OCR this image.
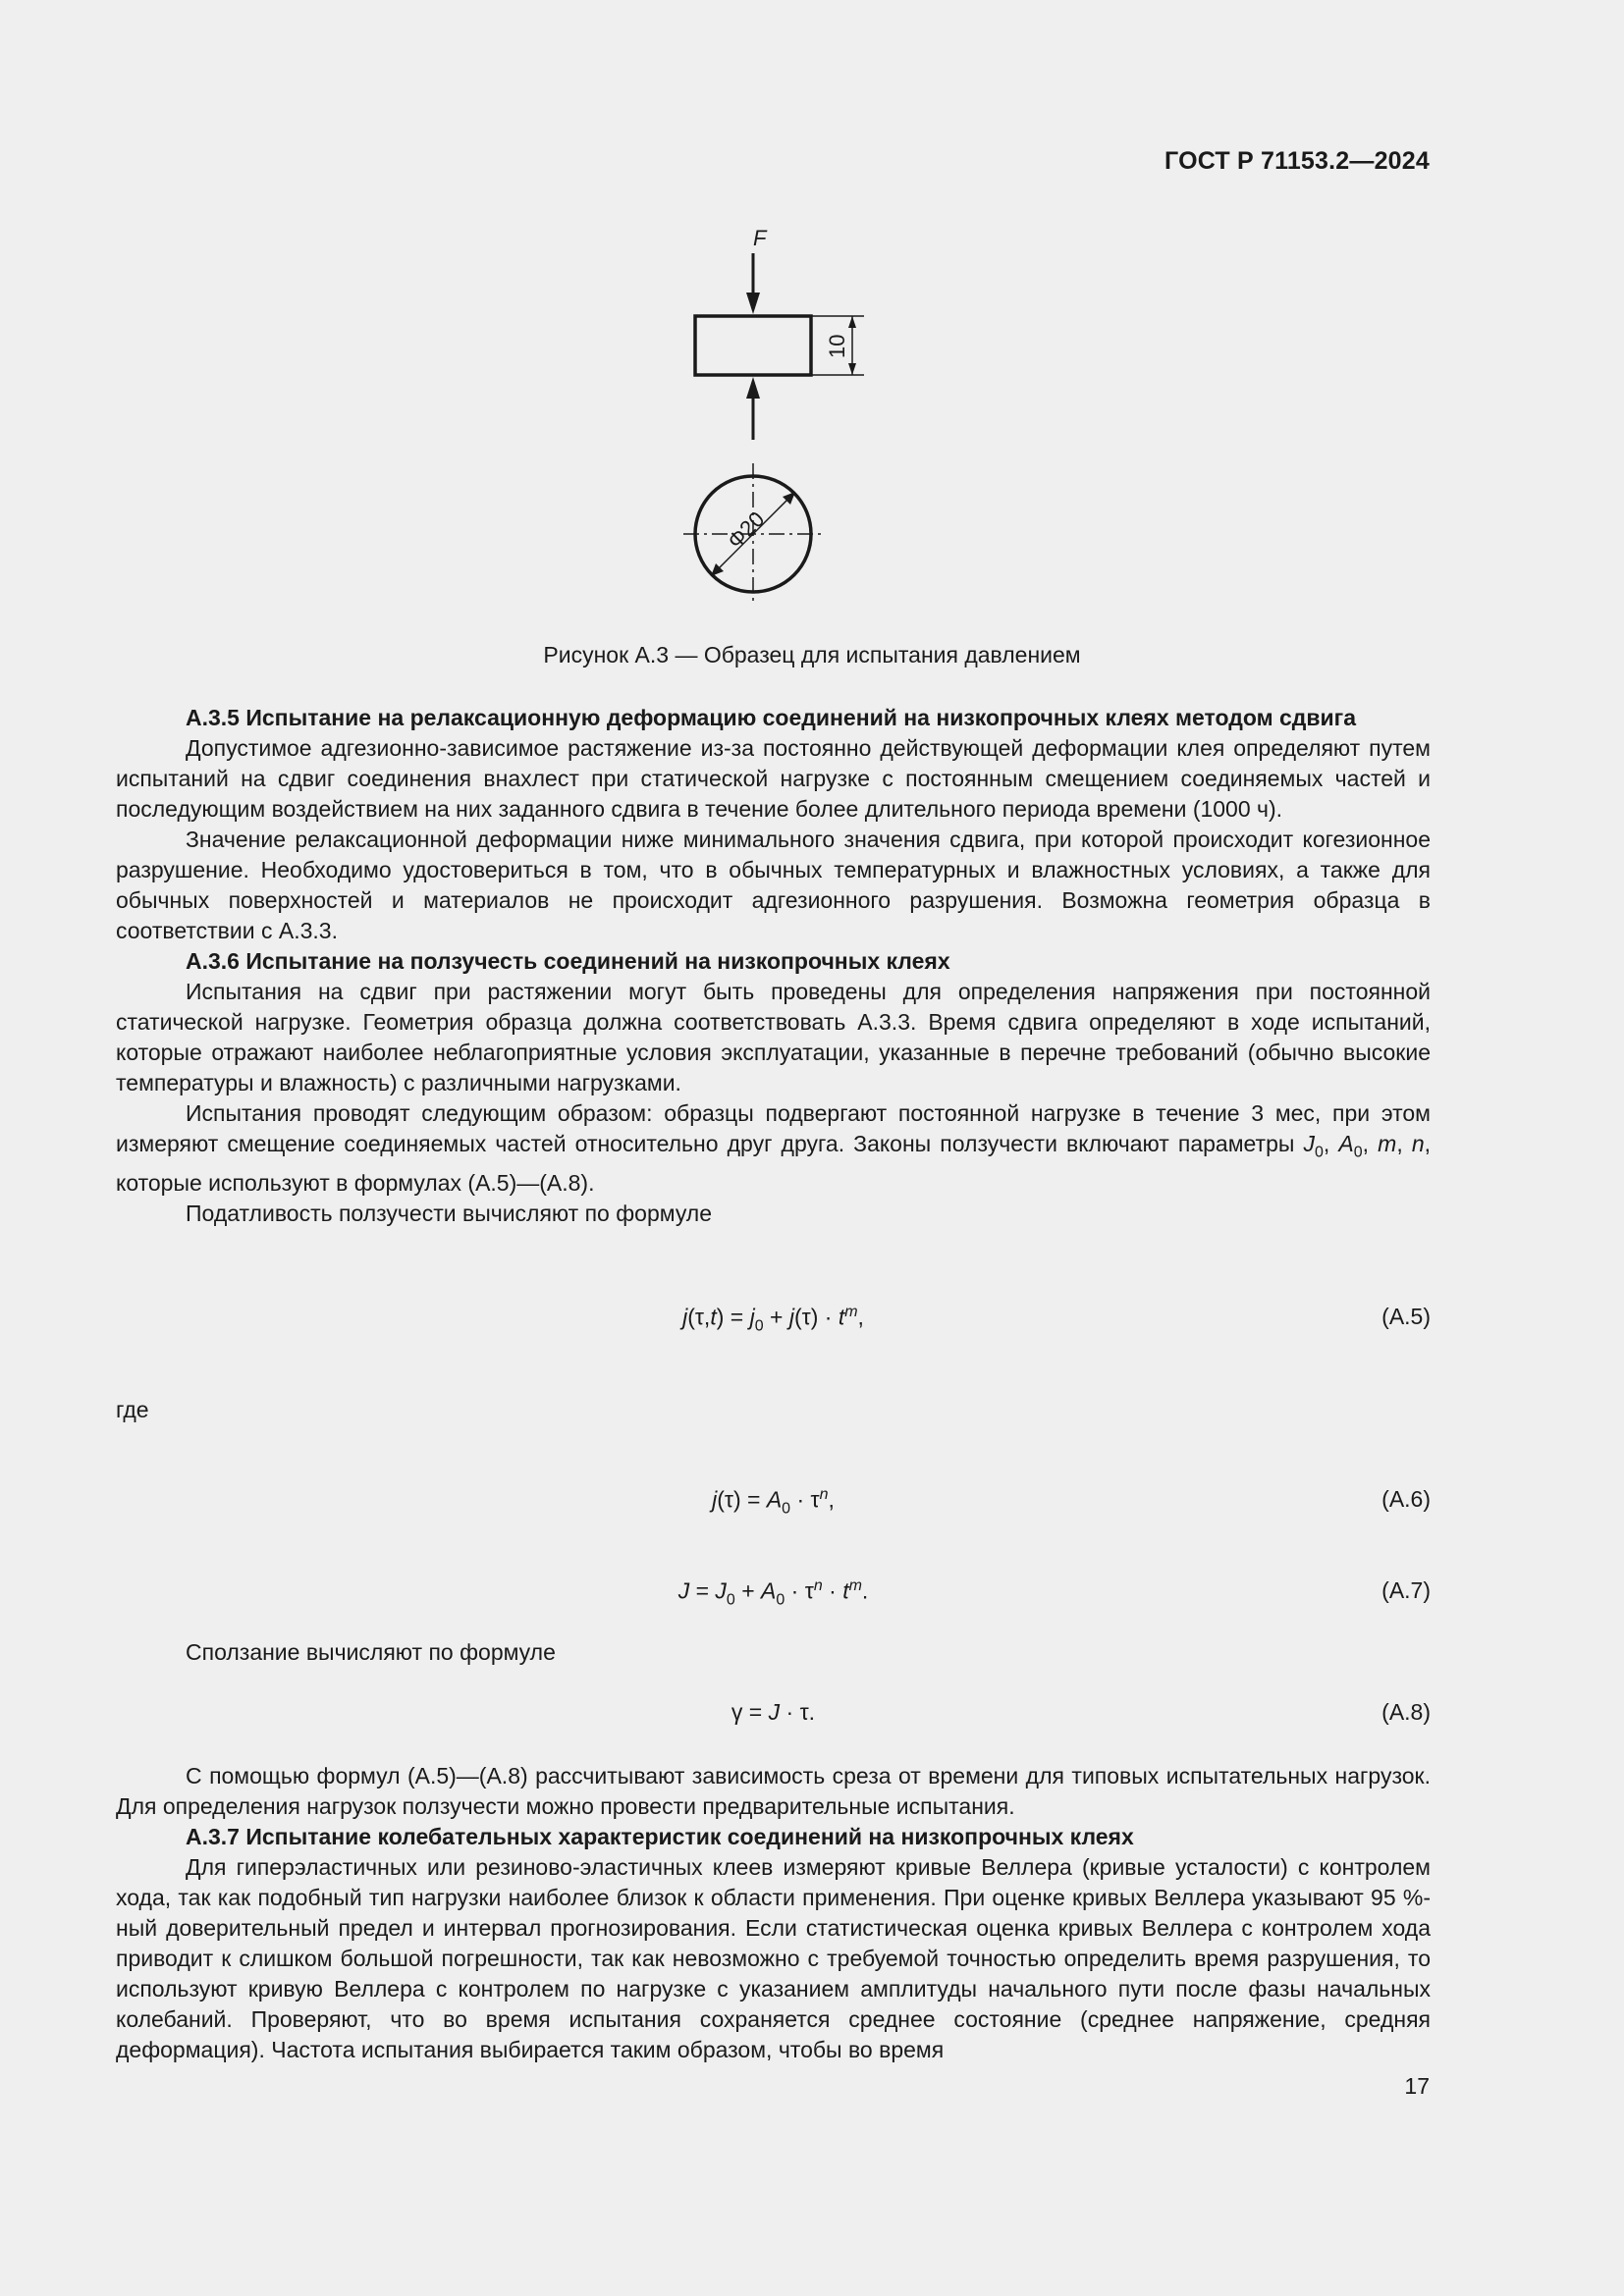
ГОСТ Р 71153.2—2024
F
10
Φ20
Рисунок А.3 — Образец для испытания давлением

А.3.5 Испытание на релаксационную деформацию соединений на низкопрочных клеях методом сдвига

Допустимое адгезионно-зависимое растяжение из-за постоянно действующей деформации клея определяют путем испытаний на сдвиг соединения внахлест при статической нагрузке с постоянным смещением соединяемых частей и последующим воздействием на них заданного сдвига в течение более длительного периода времени (1000 ч).

Значение релаксационной деформации ниже минимального значения сдвига, при которой происходит когезионное разрушение. Необходимо удостовериться в том, что в обычных температурных и влажностных условиях, а также для обычных поверхностей и материалов не происходит адгезионного разрушения. Возможна геометрия образца в соответствии с А.3.3.

А.3.6 Испытание на ползучесть соединений на низкопрочных клеях

Испытания на сдвиг при растяжении могут быть проведены для определения напряжения при постоянной статической нагрузке. Геометрия образца должна соответствовать А.3.3. Время сдвига определяют в ходе испытаний, которые отражают наиболее неблагоприятные условия эксплуатации, указанные в перечне требований (обычно высокие температуры и влажность) с различными нагрузками.

Испытания проводят следующим образом: образцы подвергают постоянной нагрузке в течение 3 мес, при этом измеряют смещение соединяемых частей относительно друг друга. Законы ползучести включают параметры $J_0$, $A_0$, m, n, которые используют в формулах (А.5)—(А.8).

Податливость ползучести вычисляют по формуле

$j(\tau,t) = j_0 + j(\tau) \cdot t^m$,	(А.5)
где
$j(\tau) = A_0 \cdot \tau^n$,	(А.6)
$J = J_0 + A_0 \cdot \tau^n \cdot t^m$.	(А.7)
Сползание вычисляют по формуле
γ = J · τ.	(А.8)

С помощью формул (А.5)—(А.8) рассчитывают зависимость среза от времени для типовых испытательных нагрузок. Для определения нагрузок ползучести можно провести предварительные испытания.

А.3.7 Испытание колебательных характеристик соединений на низкопрочных клеях

Для гиперэластичных или резиново-эластичных клеев измеряют кривые Веллера (кривые усталости) с контролем хода, так как подобный тип нагрузки наиболее близок к области применения. При оценке кривых Веллера указывают 95 %-ный доверительный предел и интервал прогнозирования. Если статистическая оценка кривых Веллера с контролем хода приводит к слишком большой погрешности, так как невозможно с требуемой точностью определить время разрушения, то используют кривую Веллера с контролем по нагрузке с указанием амплитуды начального пути после фазы начальных колебаний. Проверяют, что во время испытания сохраняется среднее состояние (среднее напряжение, средняя деформация). Частота испытания выбирается таким образом, чтобы во время

17
